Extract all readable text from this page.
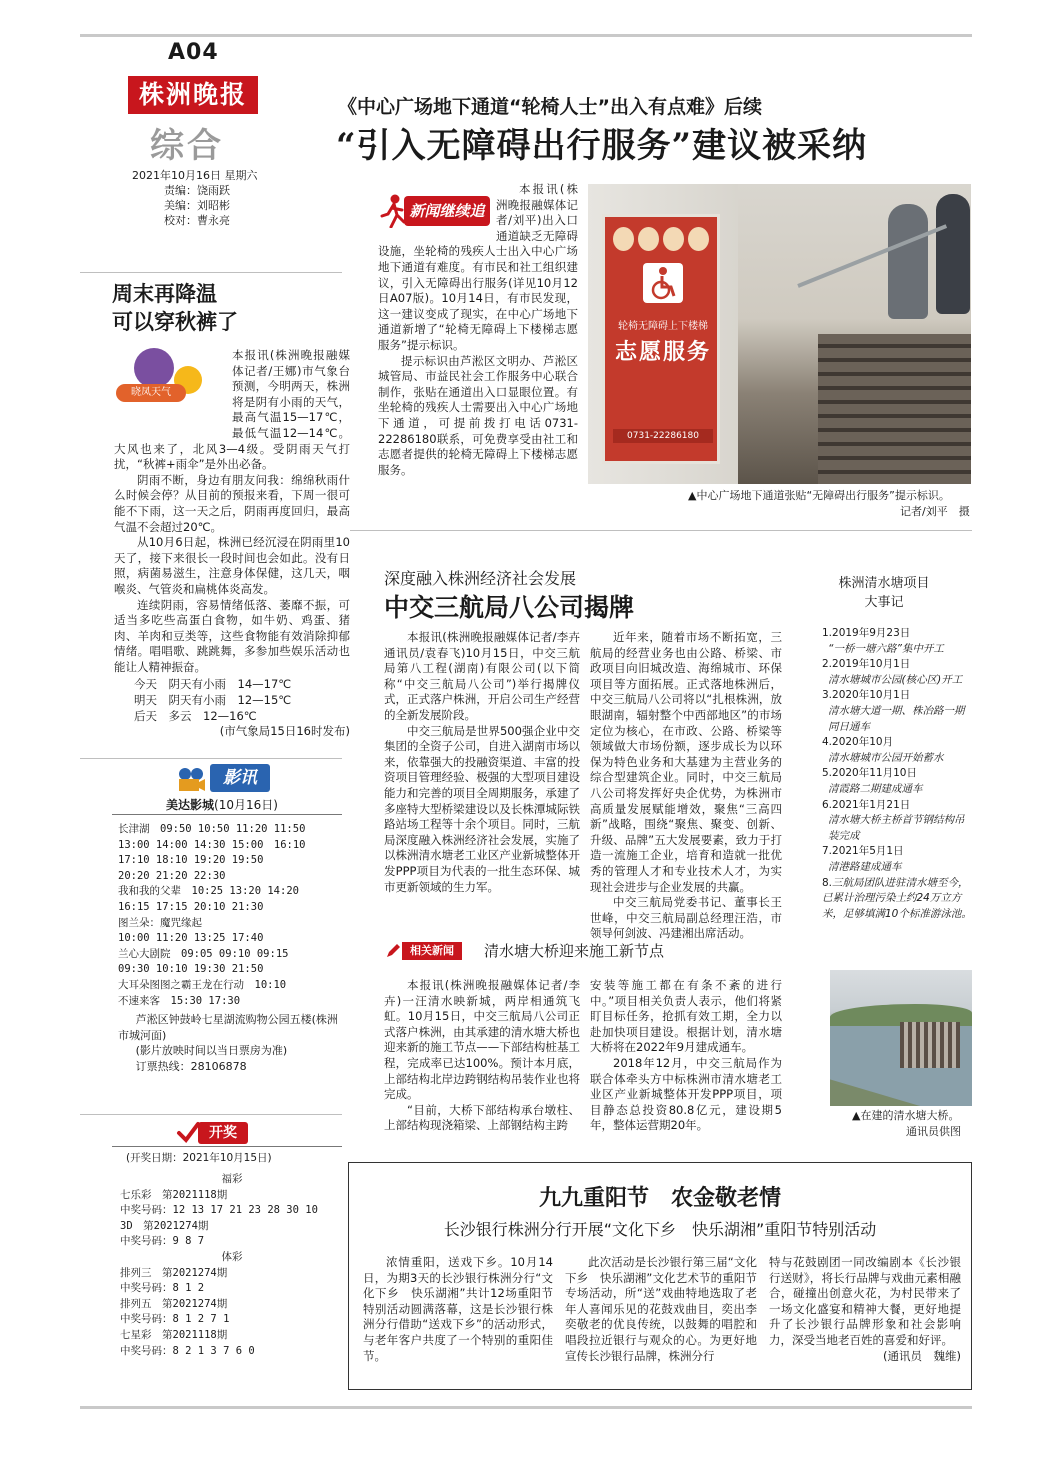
A04
株洲晚报
综合
2021年10月16日 星期六
责编：饶雨跃
美编：刘昭彬
校对：曹永亮
《中心广场地下通道“轮椅人士”出入有点难》后续
“引入无障碍出行服务”建议被采纳
新闻继续追

本报讯(株洲晚报融媒体记者/刘平)出入口通道缺乏无障碍设施，坐轮椅的残疾人士出入中心广场地下通道有难度。有市民和社工组织建议，引入无障碍出行服务(详见10月12日A07版)。10月14日，有市民发现，这一建议变成了现实，在中心广场地下通道新增了“轮椅无障碍上下楼梯志愿服务”提示标识。

提示标识由芦淞区文明办、芦淞区城管局、市益民社会工作服务中心联合制作，张贴在通道出入口显眼位置。有坐轮椅的残疾人士需要出入中心广场地下通道，可提前拨打电话0731-22286180联系，可免费享受由社工和志愿者提供的轮椅无障碍上下楼梯志愿服务。

轮椅无障碍上下楼梯
志愿服务
0731-22286180
▲中心广场地下通道张贴“无障碍出行服务”提示标识。
记者/刘平　摄
周末再降温
可以穿秋裤了
晓凤天气

本报讯(株洲晚报融媒体记者/王娜)市气象台预测，今明两天，株洲将是阴有小雨的天气，最高气温15—17℃，最低气温12—14℃。大风也来了，北风3—4级。受阴雨天气打扰，“秋裤+雨伞”是外出必备。

阴雨不断，身边有朋友问我：绵绵秋雨什么时候会停？从目前的预报来看，下周一很可能不下雨，这一天之后，阴雨再度回归，最高气温不会超过20℃。

从10月6日起，株洲已经沉浸在阴雨里10天了，接下来很长一段时间也会如此。没有日照，病菌易滋生，注意身体保健，这几天，咽喉炎、气管炎和扁桃体炎高发。

连续阴雨，容易情绪低落、萎靡不振，可适当多吃些高蛋白食物，如牛奶、鸡蛋、猪肉、羊肉和豆类等，这些食物能有效消除抑郁情绪。唱唱歌、跳跳舞，多参加些娱乐活动也能让人精神振奋。

今天　 阴天有小雨　14—17℃
明天　 阴天有小雨　12—15℃
后天　 多云　12—16℃
(市气象局15日16时发布)
影讯
美达影城(10月16日)
长津湖　09:50 10:50 11:20 11:50
13:00 14:00 14:30 15:00　16:10
17:10 18:10 19:20 19:50
20:20 21:20 22:30
我和我的父辈　10:25 13:20 14:20
16:15 17:15 20:10 21:30
图兰朵：魔咒缘起
10:00 11:20 13:25 17:40
兰心大剧院　09:05 09:10 09:15
09:30 10:10 19:30 21:50
大耳朵图图之霸王龙在行动　10:10
不速来客　15:30 17:30
芦淞区钟鼓岭七星湖流购物公园五楼(株洲市城河面)
(影片放映时间以当日票房为准)
订票热线：28106878
开奖
(开奖日期：2021年10月15日)
福彩
七乐彩　第2021118期
中奖号码：12 13 17 21 23 28 30 10
3D　第2021274期
中奖号码：9 8 7
体彩
排列三　第2021274期
中奖号码：8 1 2
排列五　第2021274期
中奖号码：8 1 2 7 1
七星彩　第2021118期
中奖号码：8 2 1 3 7 6 0
深度融入株洲经济社会发展
中交三航局八公司揭牌

本报讯(株洲晚报融媒体记者/李卉　通讯员/袁春飞)10月15日，中交三航局第八工程(湖南)有限公司(以下简称“中交三航局八公司”)举行揭牌仪式，正式落户株洲，开启公司生产经营的全新发展阶段。

中交三航局是世界500强企业中交集团的全资子公司，自进入湖南市场以来，依靠强大的投融资渠道、丰富的投资项目管理经验、极强的大型项目建设能力和完善的项目全周期服务，承建了多座特大型桥梁建设以及长株潭城际铁路站场工程等十余个项目。同时，三航局深度融入株洲经济社会发展，实施了以株洲清水塘老工业区产业新城整体开发PPP项目为代表的一批生态环保、城市更新领域的生力军。

近年来，随着市场不断拓宽，三航局的经营业务也由公路、桥梁、市政项目向旧城改造、海绵城市、环保项目等方面拓展。正式落地株洲后，中交三航局八公司将以“扎根株洲，放眼湖南，辐射整个中西部地区”的市场定位为核心，在市政、公路、桥梁等领域做大市场份额，逐步成长为以环保为特色业务和大基建为主营业务的综合型建筑企业。同时，中交三航局八公司将发挥好央企优势，为株洲市高质量发展赋能增效，聚焦“三高四新”战略，围绕“聚焦、聚变、创新、升级、品牌”五大发展要素，致力于打造一流施工企业，培育和造就一批优秀的管理人才和专业技术人才，为实现社会进步与企业发展的共赢。

中交三航局党委书记、董事长王世峰，中交三航局副总经理汪浩，市领导何剑波、冯建湘出席活动。

株洲清水塘项目
大事记
1.2019年9月23日
“一桥一塘六路”集中开工
2.2019年10月1日
清水塘城市公园(核心区)开工
3.2020年10月1日
清水塘大道一期、株冶路一期同日通车
4.2020年10月
清水塘城市公园开始蓄水
5.2020年11月10日
清霞路二期建成通车
6.2021年1月21日
清水塘大桥主桥首节钢结构吊装完成
7.2021年5月1日
清港路建成通车
8.三航局团队进驻清水塘至今，已累计治理污染土约24万立方米，足够填满10个标准游泳池。
▲在建的清水塘大桥。
通讯员供图
相关新闻	清水塘大桥迎来施工新节点

本报讯(株洲晚报融媒体记者/李卉)一汪清水映新城，两岸相通筑飞虹。10月15日，中交三航局八公司正式落户株洲，由其承建的清水塘大桥也迎来新的施工节点——下部结构桩基工程，完成率已达100%。预计本月底，上部结构北岸边跨钢结构吊装作业也将完成。

“目前，大桥下部结构承台墩柱、上部结构现浇箱梁、上部钢结构主跨

安装等施工都在有条不紊的进行中。”项目相关负责人表示，他们将紧盯目标任务，抢抓有效工期，全力以赴加快项目建设。根据计划，清水塘大桥将在2022年9月建成通车。

2018年12月，中交三航局作为联合体牵头方中标株洲市清水塘老工业区产业新城整体开发PPP项目，项目静态总投资80.8亿元，建设期5年，整体运营期20年。

九九重阳节　农金敬老情
长沙银行株洲分行开展“文化下乡　快乐湖湘”重阳节特别活动

浓情重阳，送戏下乡。10月14日，为期3天的长沙银行株洲分行“文化下乡　快乐湖湘”共计12场重阳节特别活动圆满落幕，这是长沙银行株洲分行借助“送戏下乡”的活动形式，与老年客户共度了一个特别的重阳佳节。

此次活动是长沙银行第三届“文化下乡　快乐湖湘”文化艺术节的重阳节专场活动，所“送”戏曲特地选取了老年人喜闻乐见的花鼓戏曲目，奕出李奕敬老的优良传统，以鼓舞的唱腔和唱段拉近银行与观众的心。为更好地宣传长沙银行品牌，株洲分行

特与花鼓剧团一同改编剧本《长沙银行送财》，将长行品牌与戏曲元素相融合，碰撞出创意火花，为村民带来了一场文化盛宴和精神大餐，更好地提升了长沙银行品牌形象和社会影响力，深受当地老百姓的喜爱和好评。

(通讯员　魏维)
